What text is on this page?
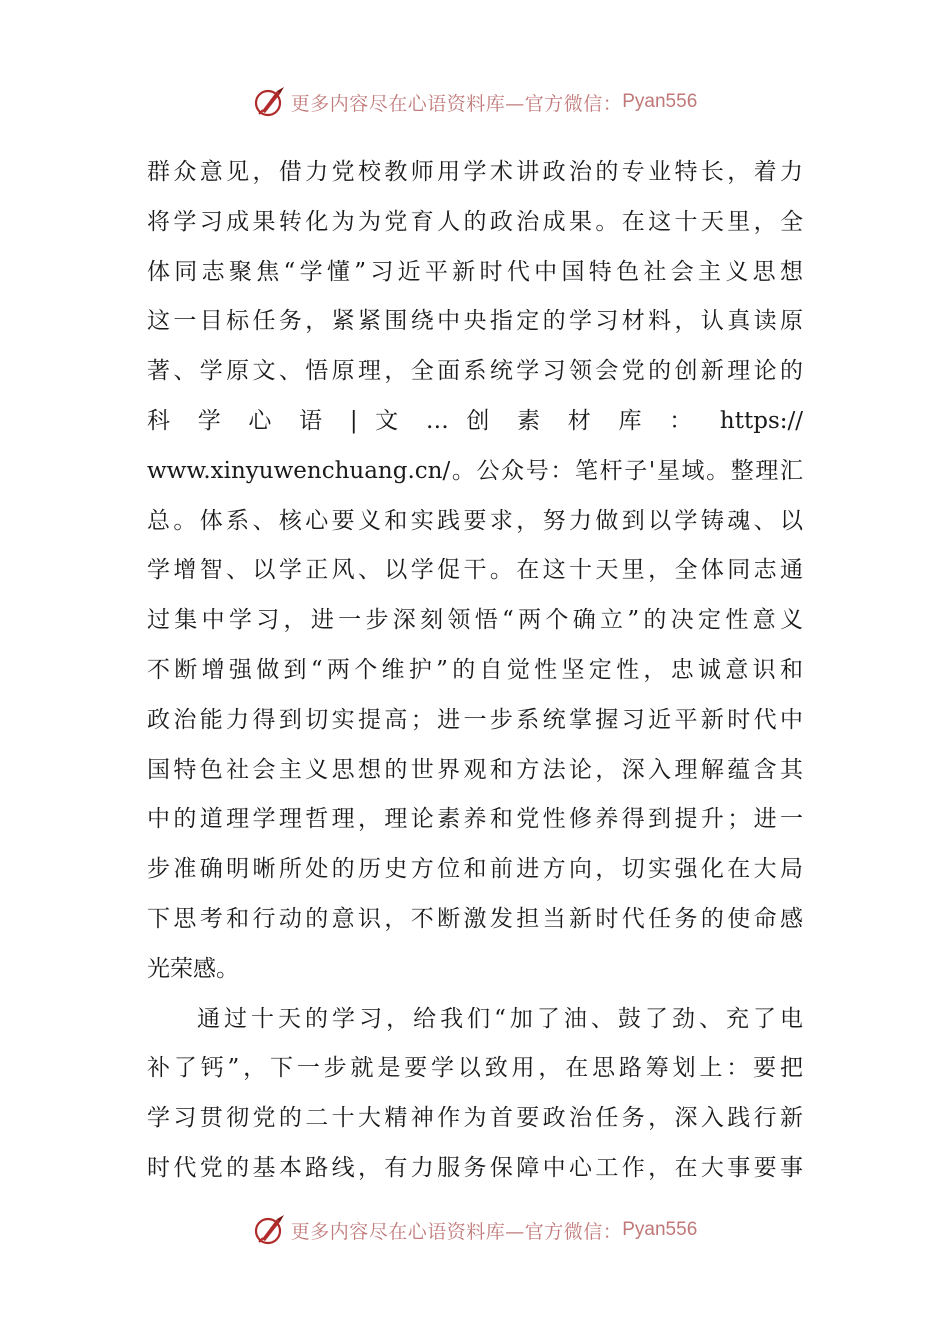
更多内容尽在心语资料库—官方微信： Pyan556
群众意见，借力党校教师用学术讲政治的专业特长，着力
将学习成果转化为为党育人的政治成果。在这十天里，全
体同志聚焦“学懂”习近平新时代中国特色社会主义思想
这一目标任务，紧紧围绕中央指定的学习材料，认真读原
著、学原文、悟原理，全面系统学习领会党的创新理论的
科 学 心 语 | 文 … 创 素 材 库 ： https://
www.xinyuwenchuang.cn/。公众号：笔杆子'星域。整理汇
总。体系、核心要义和实践要求，努力做到以学铸魂、以
学增智、以学正风、以学促干。在这十天里，全体同志通
过集中学习，进一步深刻领悟“两个确立”的决定性意义
不断增强做到“两个维护”的自觉性坚定性，忠诚意识和
政治能力得到切实提高；进一步系统掌握习近平新时代中
国特色社会主义思想的世界观和方法论，深入理解蕴含其
中的道理学理哲理，理论素养和党性修养得到提升；进一
步准确明晰所处的历史方位和前进方向，切实强化在大局
下思考和行动的意识，不断激发担当新时代任务的使命感
光荣感。
通过十天的学习，给我们“加了油、鼓了劲、充了电
补了钙”，下一步就是要学以致用，在思路筹划上：要把
学习贯彻党的二十大精神作为首要政治任务，深入践行新
时代党的基本路线，有力服务保障中心工作，在大事要事
更多内容尽在心语资料库—官方微信： Pyan556
